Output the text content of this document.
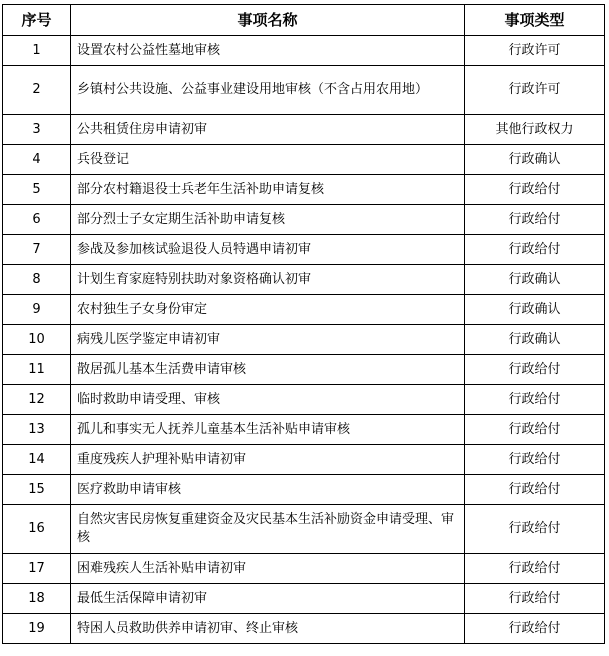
序号	事项名称	事项类型
1	设置农村公益性墓地审核	行政许可
2	乡镇村公共设施、公益事业建设用地审核（不含占用农用地）	行政许可
3	公共租赁住房申请初审	其他行政权力
4	兵役登记	行政确认
5	部分农村籍退役士兵老年生活补助申请复核	行政给付
6	部分烈士子女定期生活补助申请复核	行政给付
7	参战及参加核试验退役人员特遇申请初审	行政给付
8	计划生育家庭特别扶助对象资格确认初审	行政确认
9	农村独生子女身份审定	行政确认
10	病残儿医学鉴定申请初审	行政确认
11	散居孤儿基本生活费申请审核	行政给付
12	临时救助申请受理、审核	行政给付
13	孤儿和事实无人抚养儿童基本生活补贴申请审核	行政给付
14	重度残疾人护理补贴申请初审	行政给付
15	医疗救助申请审核	行政给付
16	自然灾害民房恢复重建资金及灾民基本生活补励资金申请受理、审核	行政给付
17	困难残疾人生活补贴申请初审	行政给付
18	最低生活保障申请初审	行政给付
19	特困人员救助供养申请初审、终止审核	行政给付
